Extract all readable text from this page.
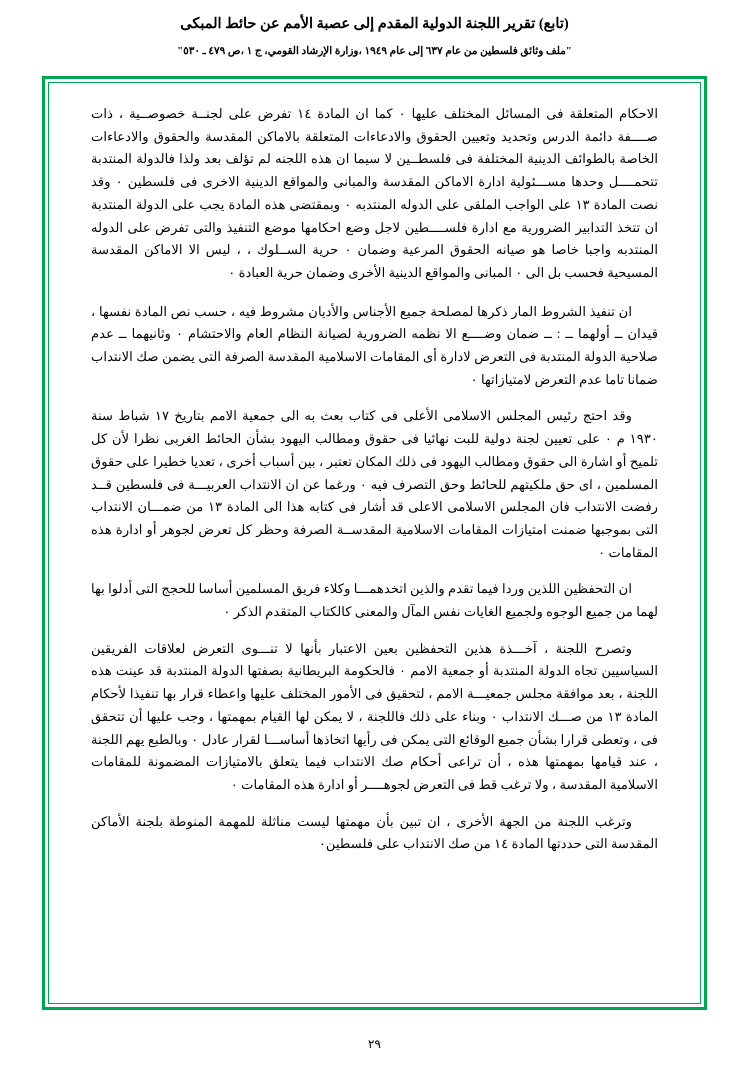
(تابع) تقرير اللجنة الدولية المقدم إلى عصبة الأمم عن حائط المبكى
"ملف وثائق فلسطين من عام ٦٣٧ إلى عام ١٩٤٩ ،وزارة الإرشاد القومي، ج ١ ،ص ٤٧٩ ـ ٥٣٠"

الاحكام المتعلقة فى المسائل المختلف عليها ٠ كما ان المادة ١٤ تفرض على لجنــة خصوصــية ، ذات صــــفة دائمة الدرس وتحديد وتعيين الحقوق والادعاءات المتعلقة بالاماكن المقدسة والحقوق والادعاءات الخاصة بالطوائف الدينية المختلفة فى فلسطــين لا سيما ان هذه اللجنه لم تؤلف بعد ولذا فالدولة المنتدبة تتحمــــل وحدها مســـئولية ادارة الاماكن المقدسة والمبانى والمواقع الدينية الاخرى فى فلسطين ٠ وقد نصت المادة ١٣ على الواجب الملقى على الدوله المنتدبه ٠ وبمقتضى هذه المادة يجب على الدولة المنتدبة ان تتخذ التدابير الضرورية مع ادارة فلســــطين لاجل وضع احكامها موضع التنفيذ والتى تفرض على الدوله المنتدبه واجبا خاصا هو صيانه الحقوق المرعية وضمان ٠ حرية الســلوك ، ، ليس الا الاماكن المقدسة المسيحية فحسب بل الى ٠ المبانى والمواقع الدينية الأخرى وضمان حرية العبادة ٠

ان تنفيذ الشروط المار ذكرها لمصلحة جميع الأجناس والأديان مشروط فيه ، حسب نص المادة نفسها ، قيدان ــ أولهما ــ : ــ ضمان وضــــع الا نظمه الضرورية لصيانة النظام العام والاحتشام ٠ وثانيهما ــ عدم صلاحية الدولة المنتدبة فى التعرض لادارة أى المقامات الاسلامية المقدسة الصرفة التى يضمن صك الانتداب ضمانا تاما عدم التعرض لامتيازاتها ٠

وقد احتج رئيس المجلس الاسلامى الأعلى فى كتاب بعث به الى جمعية الامم بتاريخ ١٧ شباط سنة ١٩٣٠ م ٠ على تعيين لجنة دولية للبت نهائيا فى حقوق ومطالب اليهود بشأن الحائط الغربى نظرا لأن كل تلميح أو اشارة الى حقوق ومطالب اليهود فى ذلك المكان تعتبر ، بين أسباب أخرى ، تعديا خطيرا على حقوق المسلمين ، اى حق ملكيتهم للحائط وحق التصرف فيه ٠ ورغما عن ان الانتداب العربيـــة فى فلسطين قــد رفضت الانتداب فان المجلس الاسلامى الاعلى قد أشار فى كتابه هذا الى المادة ١٣ من ضمـــان الانتداب التى بموجبها ضمنت امتيازات المقامات الاسلامية المقدســة الصرفة وحظر كل تعرض لجوهر أو ادارة هذه المقامات ٠

ان التحفظين اللذين وردا فيما تقدم والذين اتخدهمـــا وكلاء فريق المسلمين أساسا للحجج التى أدلوا بها لهما من جميع الوجوه ولجميع الغايات نفس المآل والمعنى كالكتاب المتقدم الذكر ٠

وتصرح اللجنة ، آخـــذة هذين التحفظين بعين الاعتبار بأنها لا تنـــوى التعرض لعلاقات الفريقين السياسيين تجاه الدولة المنتدبة أو جمعية الامم ٠ فالحكومة البريطانية بصفتها الدولة المنتدبة قد عينت هذه اللجنة ، بعد موافقة مجلس جمعيـــة الامم ، لتحقيق فى الأمور المختلف عليها واعطاء قرار بها تنفيذا لأحكام المادة ١٣ من صـــك الانتداب ٠ وبناء على ذلك فاللجنة ، لا يمكن لها القيام بمهمتها ، وجب عليها أن تتحقق فى ، وتعطى قرارا بشأن جميع الوقائع التى يمكن فى رأيها اتخاذها أساســـا لقرار عادل ٠ وبالطبع يهم اللجنة ، عند قيامها بمهمتها هذه ، أن تراعى أحكام صك الانتداب فيما يتعلق بالامتيازات المضمونة للمقامات الاسلامية المقدسة ، ولا ترغب قط فى التعرض لجوهــــر أو ادارة هذه المقامات ٠

وترغب اللجنة من الجهة الأخرى ، ان تبين بأن مهمتها ليست مناثلة للمهمة المنوطة بلجنة الأماكن المقدسة التى حددتها المادة ١٤ من صك الانتداب على فلسطين٠

٢٩
